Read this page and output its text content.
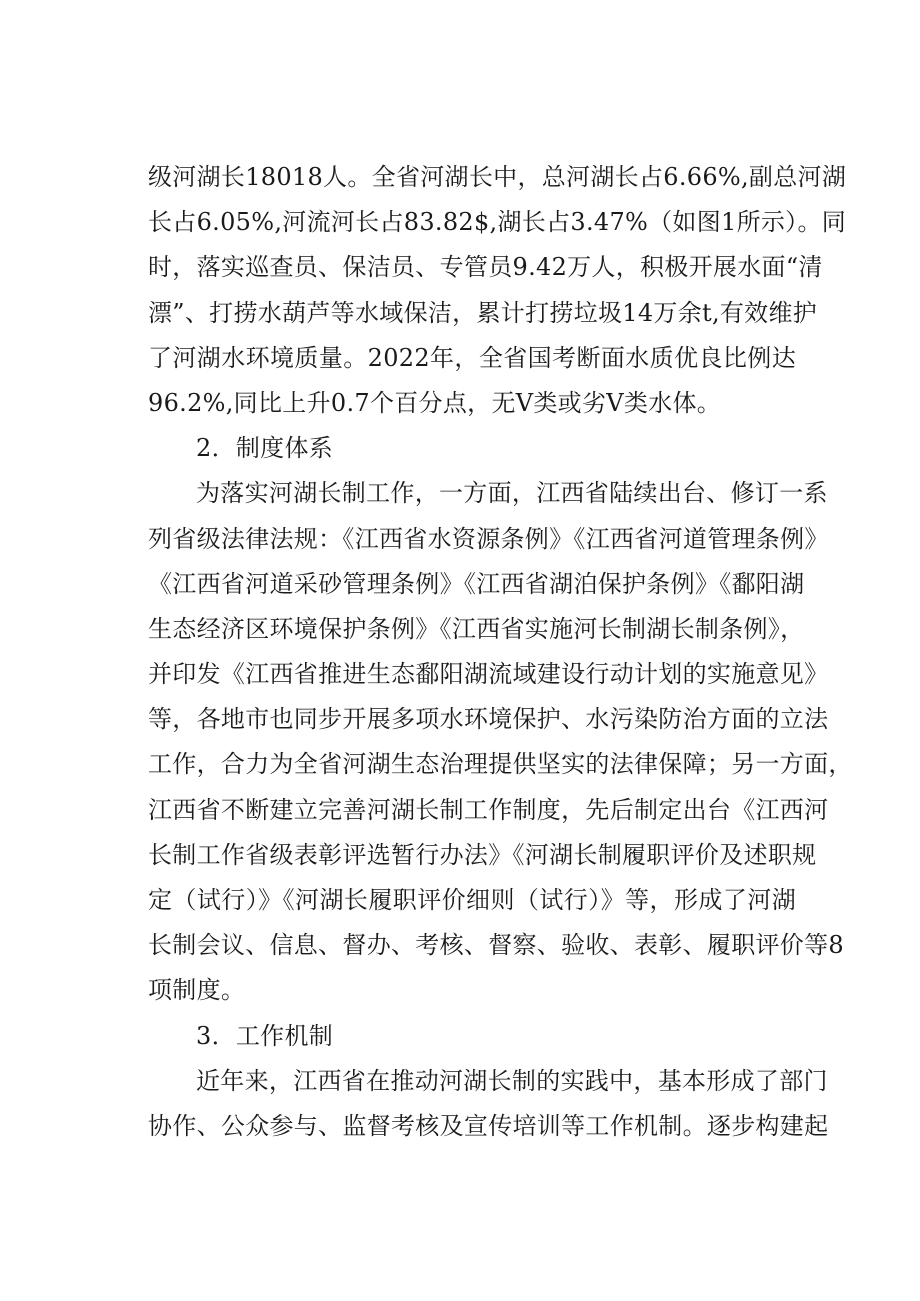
级河湖长18018人。全省河湖长中，总河湖长占6.66%,副总河湖
长占6.05%,河流河长占83.82$,湖长占3.47%（如图1所示）。同
时，落实巡查员、保洁员、专管员9.42万人，积极开展水面“清
漂”、打捞水葫芦等水域保洁，累计打捞垃圾14万余t,有效维护
了河湖水环境质量。2022年，全省国考断面水质优良比例达
96.2%,同比上升0.7个百分点，无V类或劣V类水体。
2．制度体系
为落实河湖长制工作，一方面，江西省陆续出台、修订一系
列省级法律法规：《江西省水资源条例》《江西省河道管理条例》
《江西省河道采砂管理条例》《江西省湖泊保护条例》《鄱阳湖
生态经济区环境保护条例》《江西省实施河长制湖长制条例》，
并印发《江西省推进生态鄱阳湖流域建设行动计划的实施意见》
等，各地市也同步开展多项水环境保护、水污染防治方面的立法
工作，合力为全省河湖生态治理提供坚实的法律保障；另一方面，
江西省不断建立完善河湖长制工作制度，先后制定出台《江西河
长制工作省级表彰评选暂行办法》《河湖长制履职评价及述职规
定（试行）》《河湖长履职评价细则（试行）》等，形成了河湖
长制会议、信息、督办、考核、督察、验收、表彰、履职评价等8
项制度。
3．工作机制
近年来，江西省在推动河湖长制的实践中，基本形成了部门
协作、公众参与、监督考核及宣传培训等工作机制。逐步构建起
